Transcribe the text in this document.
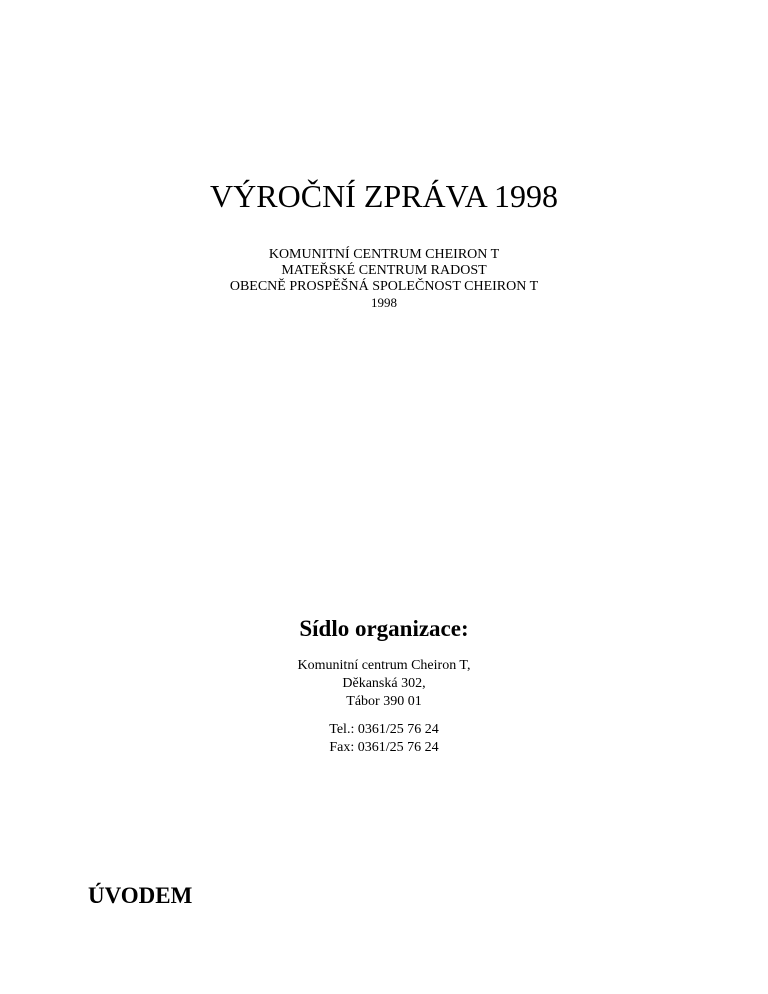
VÝROČNÍ ZPRÁVA 1998
KOMUNITNÍ CENTRUM CHEIRON T
MATEŘSKÉ CENTRUM RADOST
OBECNĚ PROSPĚŠNÁ SPOLEČNOST CHEIRON T
1998
Sídlo organizace:
Komunitní centrum Cheiron T,
Děkanská 302,
Tábor 390 01
Tel.: 0361/25 76 24
Fax: 0361/25 76 24
ÚVODEM
